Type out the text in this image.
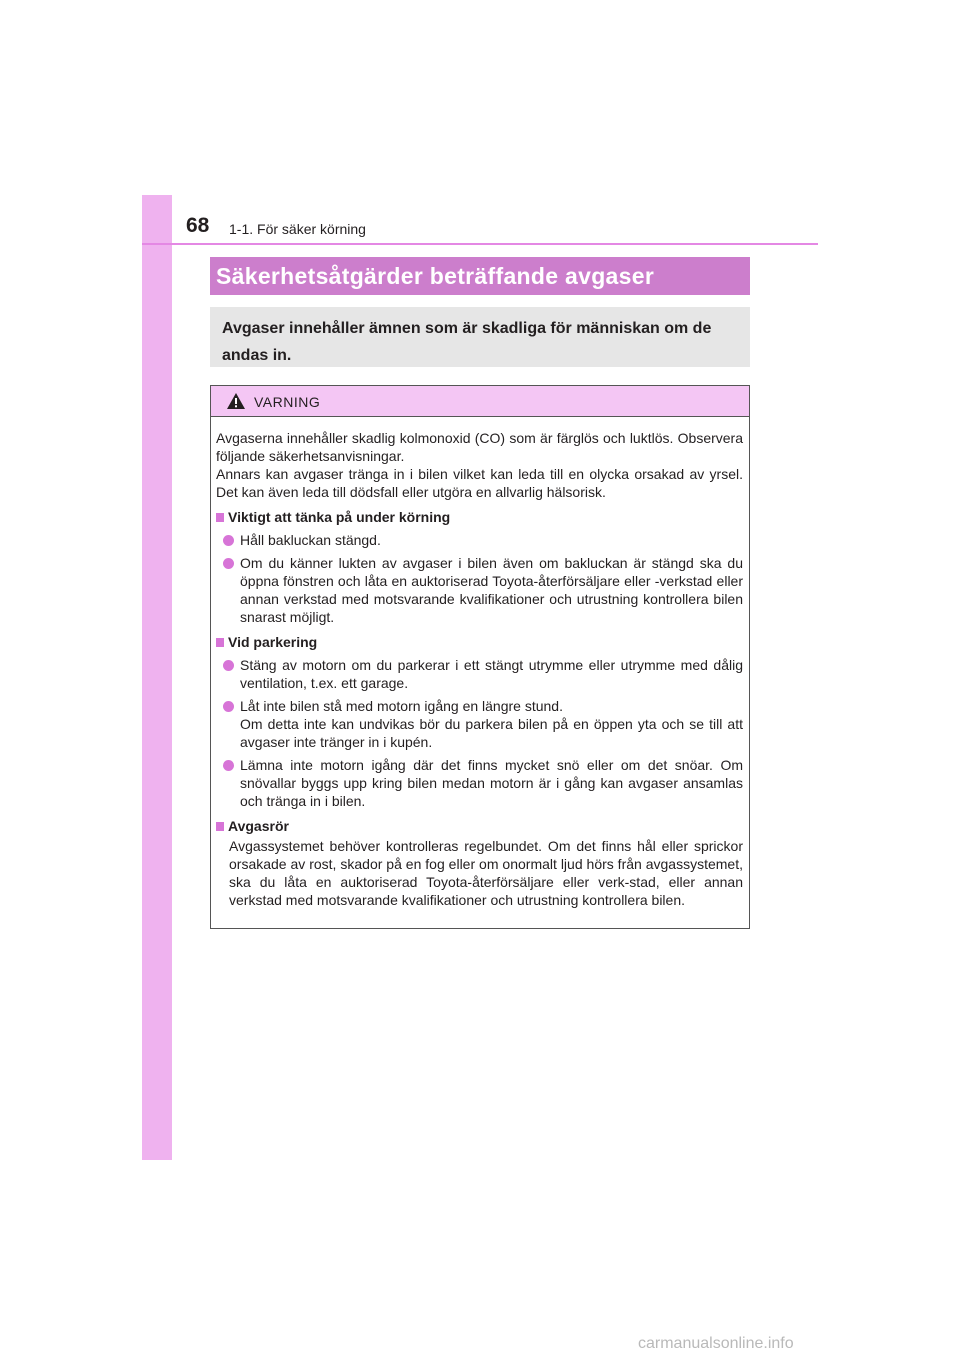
68 1-1. För säker körning
Säkerhetsåtgärder beträffande avgaser
Avgaser innehåller ämnen som är skadliga för människan om de andas in.
VARNING

Avgaserna innehåller skadlig kolmonoxid (CO) som är färglös och luktlös. Observera följande säkerhetsanvisningar.

Annars kan avgaser tränga in i bilen vilket kan leda till en olycka orsakad av yrsel. Det kan även leda till dödsfall eller utgöra en allvarlig hälsorisk.

Viktigt att tänka på under körning
Håll bakluckan stängd.
Om du känner lukten av avgaser i bilen även om bakluckan är stängd ska du öppna fönstren och låta en auktoriserad Toyota-återförsäljare eller -verkstad eller annan verkstad med motsvarande kvalifikationer och utrustning kontrollera bilen snarast möjligt.
Vid parkering
Stäng av motorn om du parkerar i ett stängt utrymme eller utrymme med dålig ventilation, t.ex. ett garage.
Låt inte bilen stå med motorn igång en längre stund.
Om detta inte kan undvikas bör du parkera bilen på en öppen yta och se till att avgaser inte tränger in i kupén.
Lämna inte motorn igång där det finns mycket snö eller om det snöar. Om snövallar byggs upp kring bilen medan motorn är i gång kan avgaser ansamlas och tränga in i bilen.
Avgasrör
Avgassystemet behöver kontrolleras regelbundet. Om det finns hål eller sprickor orsakade av rost, skador på en fog eller om onormalt ljud hörs från avgassystemet, ska du låta en auktoriserad Toyota-återförsäljare eller verk-stad, eller annan verkstad med motsvarande kvalifikationer och utrustning kontrollera bilen.
carmanualsonline.info
